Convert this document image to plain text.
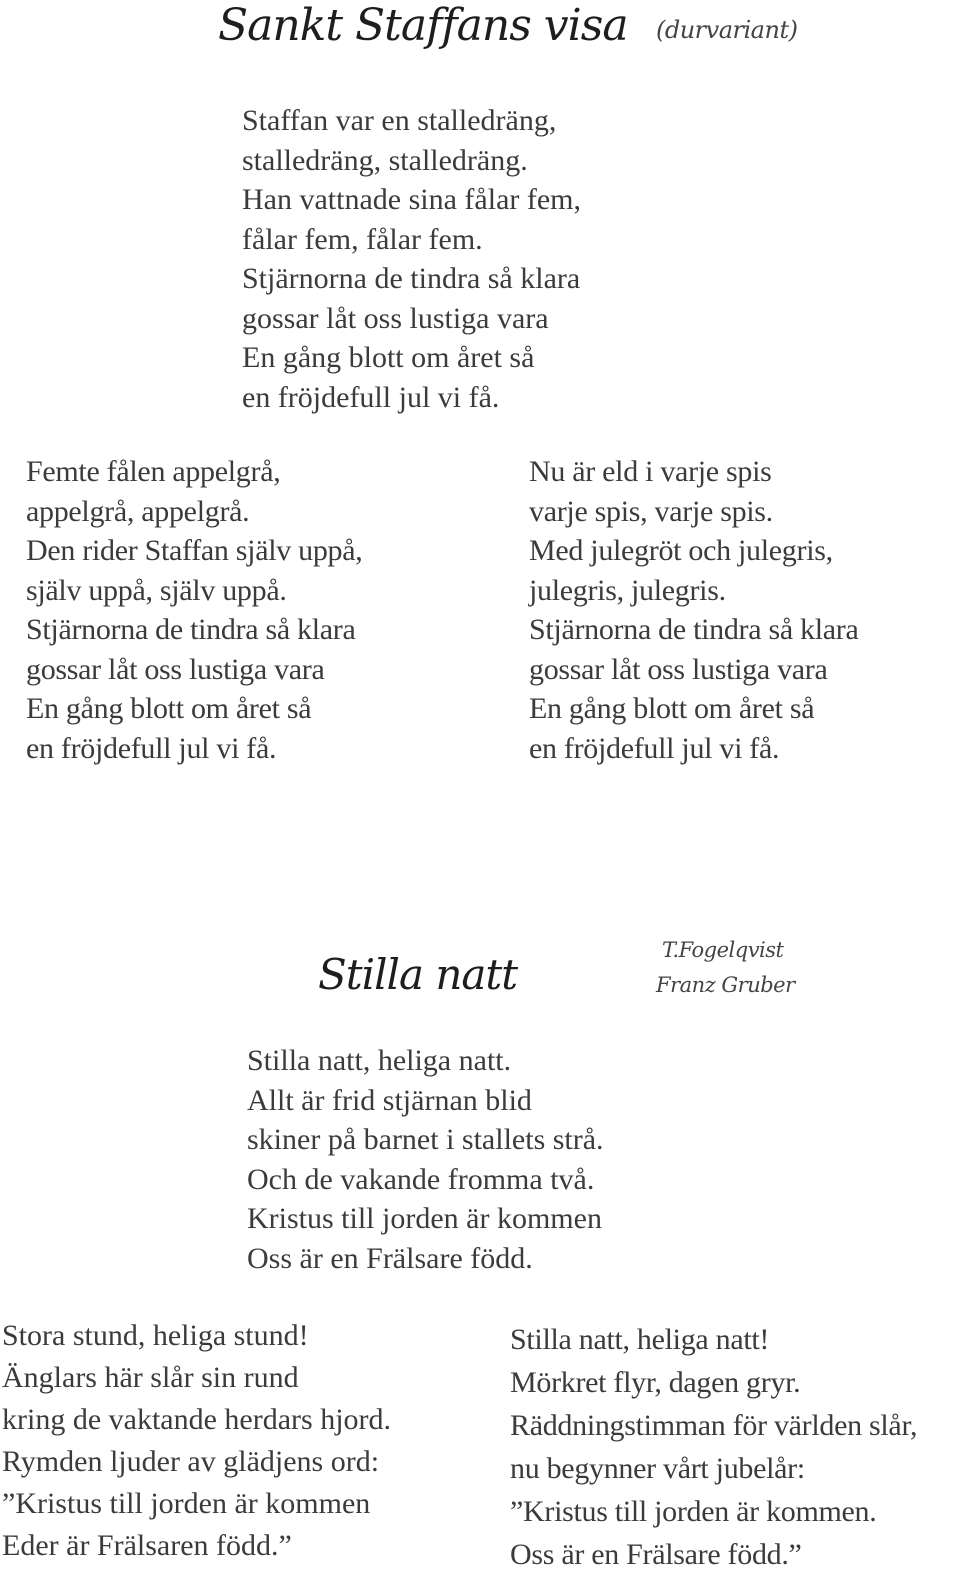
Sankt Staffans visa (durvariant)
Staffan var en stalledräng,
stalledräng, stalledräng.
Han vattnade sina fålar fem,
fålar fem, fålar fem.
Stjärnorna de tindra så klara
gossar låt oss lustiga vara
En gång blott om året så
en fröjdefull jul vi få.
Femte fålen appelgrå,
appelgrå, appelgrå.
Den rider Staffan själv uppå,
själv uppå, själv uppå.
Stjärnorna de tindra så klara
gossar låt oss lustiga vara
En gång blott om året så
en fröjdefull jul vi få.
Nu är eld i varje spis
varje spis, varje spis.
Med julegröt och julegris,
julegris, julegris.
Stjärnorna de tindra så klara
gossar låt oss lustiga vara
En gång blott om året så
en fröjdefull jul vi få.
Stilla natt	T.Fogelqvist
Franz Gruber
Stilla natt, heliga natt.
Allt är frid stjärnan blid
skiner på barnet i stallets strå.
Och de vakande fromma två.
Kristus till jorden är kommen
Oss är en Frälsare född.
Stora stund, heliga stund!
Änglars här slår sin rund
kring de vaktande herdars hjord.
Rymden ljuder av glädjens ord:
”Kristus till jorden är kommen
Eder är Frälsaren född.”
Stilla natt, heliga natt!
Mörkret flyr, dagen gryr.
Räddningstimman för världen slår,
nu begynner vårt jubelår:
”Kristus till jorden är kommen.
Oss är en Frälsare född.”
